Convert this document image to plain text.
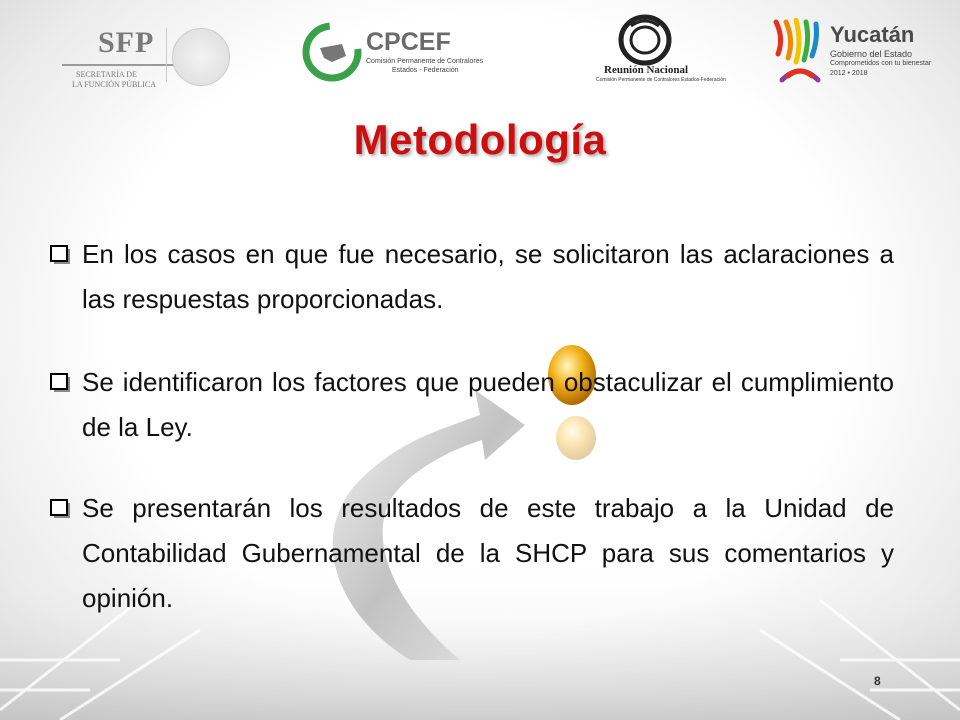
SFP
SECRETARÍA DE
LA FUNCIÓN PÚBLICA
CPCEF
Comisión Permanente de Contralores
Estados - Federación	Reunión Nacional
Comisión Permanente de Contralores Estados-Federación
Yucatán
Gobierno del Estado
Comprometidos con tu bienestar
2012 • 2018
Metodología
En los casos en que fue necesario, se solicitaron las aclaraciones a las respuestas proporcionadas.
Se identificaron los factores que pueden obstaculizar el cumplimiento de la Ley.
Se presentarán los resultados de este trabajo a la Unidad de Contabilidad Gubernamental de la SHCP para sus comentarios y opinión.
8
